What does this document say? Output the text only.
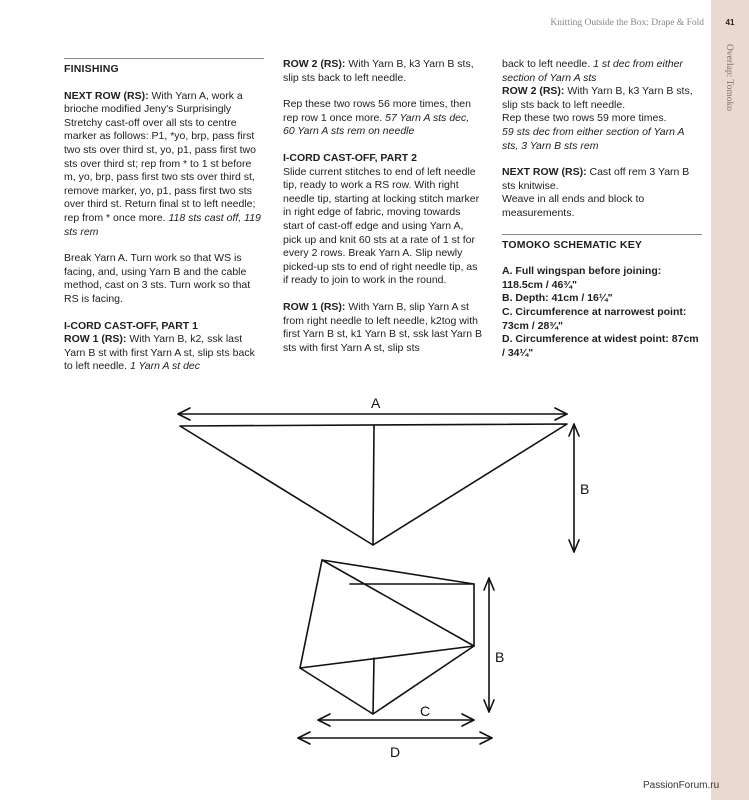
41
Overlap: Tomoko
Knitting Outside the Box: Drape & Fold

FINISHING

NEXT ROW (RS): With Yarn A, work a brioche modified Jeny's Surprisingly Stretchy cast-off over all sts to centre marker as follows: P1, *yo, brp, pass first two sts over third st, yo, p1, pass first two sts over third st; rep from * to 1 st before m, yo, brp, pass first two sts over third st, remove marker, yo, p1, pass first two sts over third st. Return final st to left needle; rep from * once more. 118 sts cast off, 119 sts rem

Break Yarn A. Turn work so that WS is facing, and, using Yarn B and the cable method, cast on 3 sts. Turn work so that RS is facing.

I-CORD CAST-OFF, PART 1
ROW 1 (RS): With Yarn B, k2, ssk last Yarn B st with first Yarn A st, slip sts back to left needle. 1 Yarn A st dec

ROW 2 (RS): With Yarn B, k3 Yarn B sts, slip sts back to left needle.

Rep these two rows 56 more times, then rep row 1 once more. 57 Yarn A sts dec, 60 Yarn A sts rem on needle

I-CORD CAST-OFF, PART 2
Slide current stitches to end of left needle tip, ready to work a RS row. With right needle tip, starting at locking stitch marker in right edge of fabric, moving towards start of cast-off edge and using Yarn A, pick up and knit 60 sts at a rate of 1 st for every 2 rows. Break Yarn A. Slip newly picked-up sts to end of right needle tip, as if ready to join to work in the round.

ROW 1 (RS): With Yarn B, slip Yarn A st from right needle to left needle, k2tog with first Yarn B st, k1 Yarn B st, ssk last Yarn B sts with first Yarn A st, slip sts

back to left needle. 1 st dec from either section of Yarn A sts
ROW 2 (RS): With Yarn B, k3 Yarn B sts, slip sts back to left needle.
Rep these two rows 59 more times.
59 sts dec from either section of Yarn A sts, 3 Yarn B sts rem

NEXT ROW (RS): Cast off rem 3 Yarn B sts knitwise.
Weave in all ends and block to measurements.

TOMOKO SCHEMATIC KEY

A. Full wingspan before joining: 118.5cm / 46¾"
B. Depth: 41cm / 16¼"
C. Circumference at narrowest point: 73cm / 28¾"
D. Circumference at widest point: 87cm / 34¼"
A
B
B
C
D
PassionForum.ru
